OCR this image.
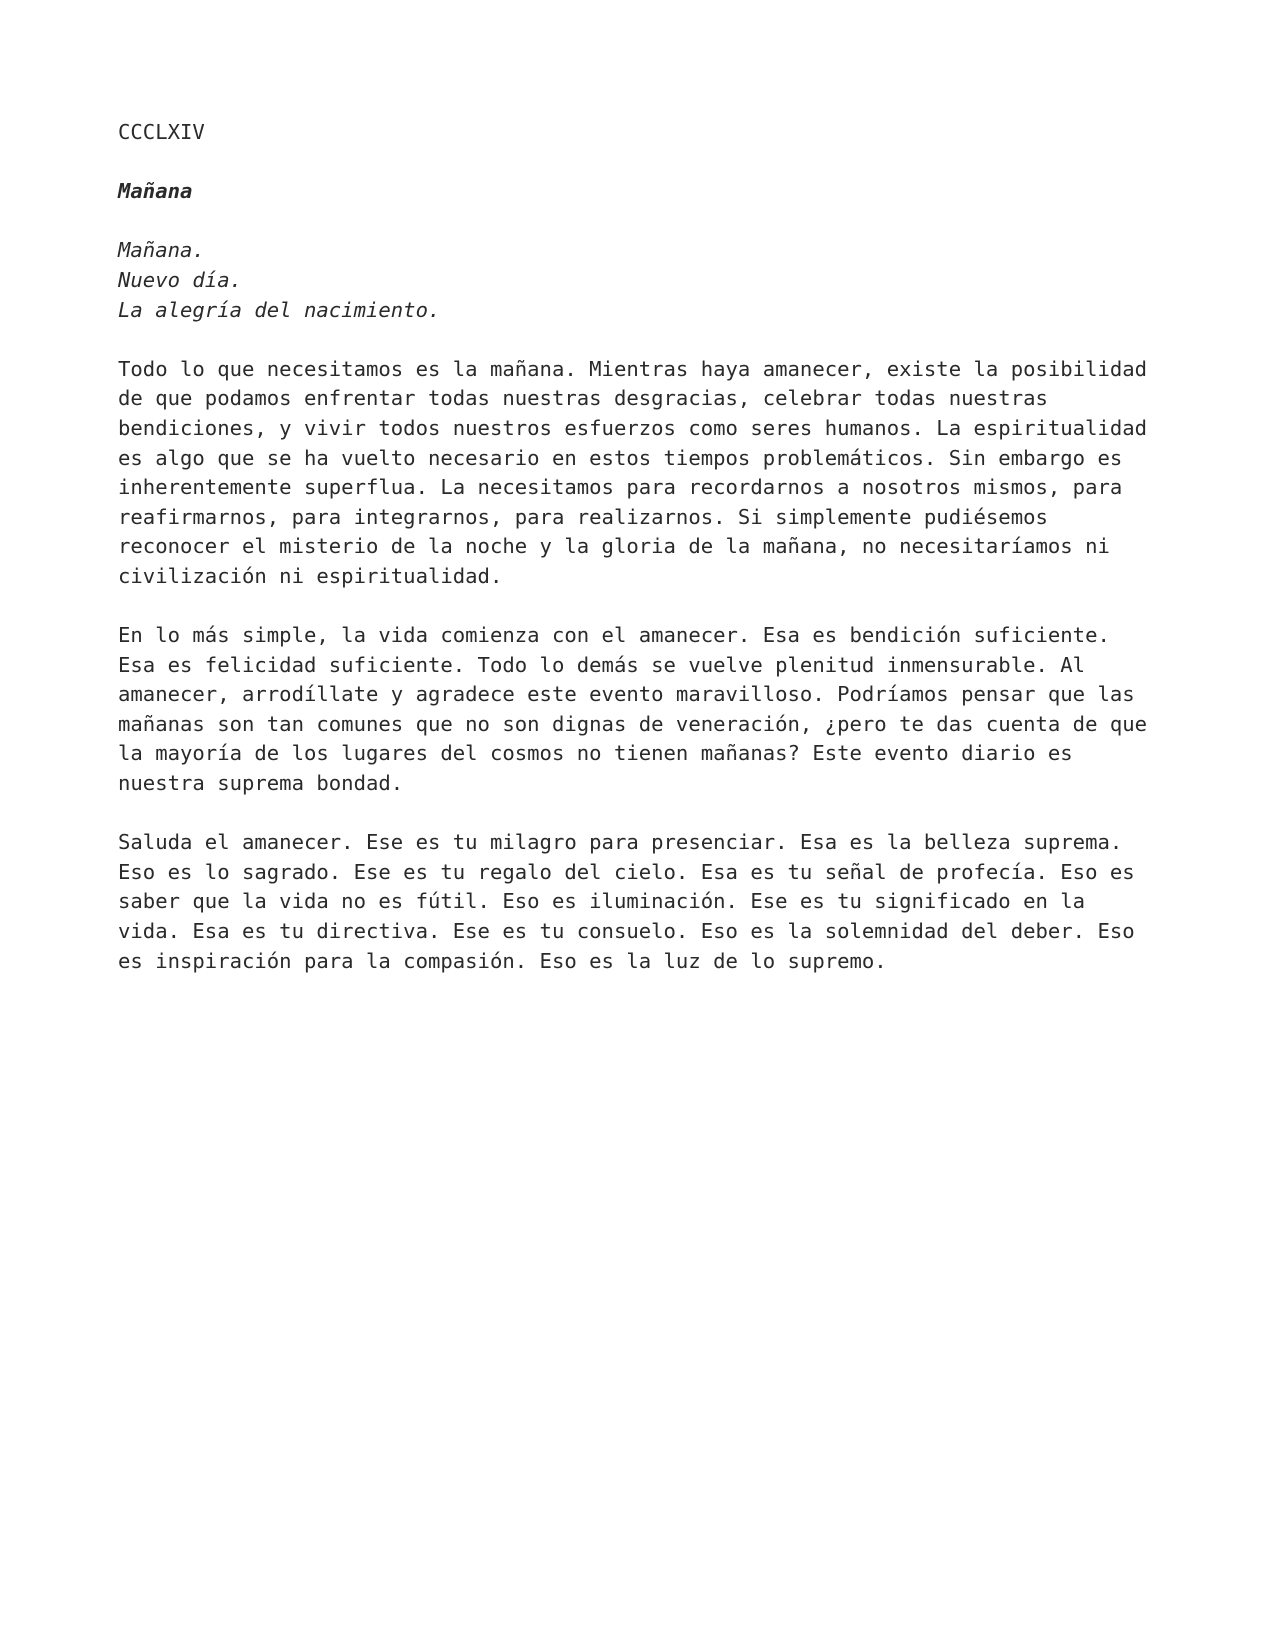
CCCLXIV
Mañana
Mañana.
Nuevo día.
La alegría del nacimiento.
Todo lo que necesitamos es la mañana. Mientras haya amanecer, existe la posibilidad
de que podamos enfrentar todas nuestras desgracias, celebrar todas nuestras
bendiciones, y vivir todos nuestros esfuerzos como seres humanos. La espiritualidad
es algo que se ha vuelto necesario en estos tiempos problemáticos. Sin embargo es
inherentemente superflua. La necesitamos para recordarnos a nosotros mismos, para
reafirmarnos, para integrarnos, para realizarnos. Si simplemente pudiésemos
reconocer el misterio de la noche y la gloria de la mañana, no necesitaríamos ni
civilización ni espiritualidad.
En lo más simple, la vida comienza con el amanecer. Esa es bendición suficiente.
Esa es felicidad suficiente. Todo lo demás se vuelve plenitud inmensurable. Al
amanecer, arrodíllate y agradece este evento maravilloso. Podríamos pensar que las
mañanas son tan comunes que no son dignas de veneración, ¿pero te das cuenta de que
la mayoría de los lugares del cosmos no tienen mañanas? Este evento diario es
nuestra suprema bondad.
Saluda el amanecer. Ese es tu milagro para presenciar. Esa es la belleza suprema.
Eso es lo sagrado. Ese es tu regalo del cielo. Esa es tu señal de profecía. Eso es
saber que la vida no es fútil. Eso es iluminación. Ese es tu significado en la
vida. Esa es tu directiva. Ese es tu consuelo. Eso es la solemnidad del deber. Eso
es inspiración para la compasión. Eso es la luz de lo supremo.
